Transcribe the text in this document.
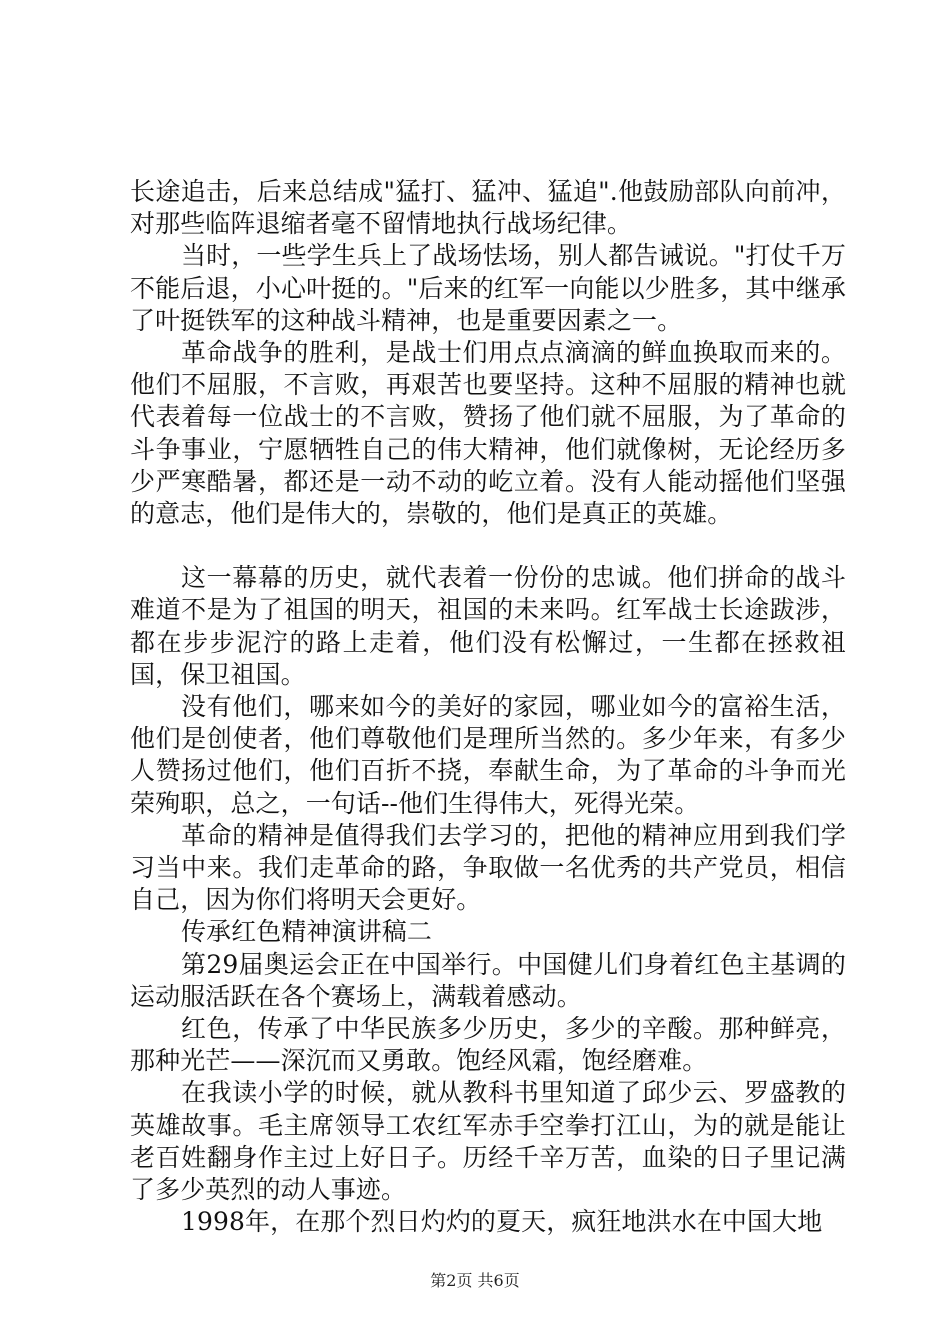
长途追击，后来总结成"猛打、猛冲、猛追".他鼓励部队向前冲，对那些临阵退缩者毫不留情地执行战场纪律。

当时，一些学生兵上了战场怯场，别人都告诫说。"打仗千万不能后退，小心叶挺的。"后来的红军一向能以少胜多，其中继承了叶挺铁军的这种战斗精神，也是重要因素之一。

革命战争的胜利，是战士们用点点滴滴的鲜血换取而来的。他们不屈服，不言败，再艰苦也要坚持。这种不屈服的精神也就代表着每一位战士的不言败，赞扬了他们就不屈服，为了革命的斗争事业，宁愿牺牲自己的伟大精神，他们就像树，无论经历多少严寒酷暑，都还是一动不动的屹立着。没有人能动摇他们坚强的意志，他们是伟大的，崇敬的，他们是真正的英雄。

这一幕幕的历史，就代表着一份份的忠诚。他们拼命的战斗难道不是为了祖国的明天，祖国的未来吗。红军战士长途跋涉，都在步步泥泞的路上走着，他们没有松懈过，一生都在拯救祖国，保卫祖国。

没有他们，哪来如今的美好的家园，哪业如今的富裕生活，他们是创使者，他们尊敬他们是理所当然的。多少年来，有多少人赞扬过他们，他们百折不挠，奉献生命，为了革命的斗争而光荣殉职，总之，一句话--他们生得伟大，死得光荣。

革命的精神是值得我们去学习的，把他的精神应用到我们学习当中来。我们走革命的路，争取做一名优秀的共产党员，相信自己，因为你们将明天会更好。

传承红色精神演讲稿二

第29届奥运会正在中国举行。中国健儿们身着红色主基调的运动服活跃在各个赛场上，满载着感动。

红色，传承了中华民族多少历史，多少的辛酸。那种鲜亮，那种光芒——深沉而又勇敢。饱经风霜，饱经磨难。

在我读小学的时候，就从教科书里知道了邱少云、罗盛教的英雄故事。毛主席领导工农红军赤手空拳打江山，为的就是能让老百姓翻身作主过上好日子。历经千辛万苦，血染的日子里记满了多少英烈的动人事迹。

1998年，在那个烈日灼灼的夏天，疯狂地洪水在中国大地

第2页 共6页
